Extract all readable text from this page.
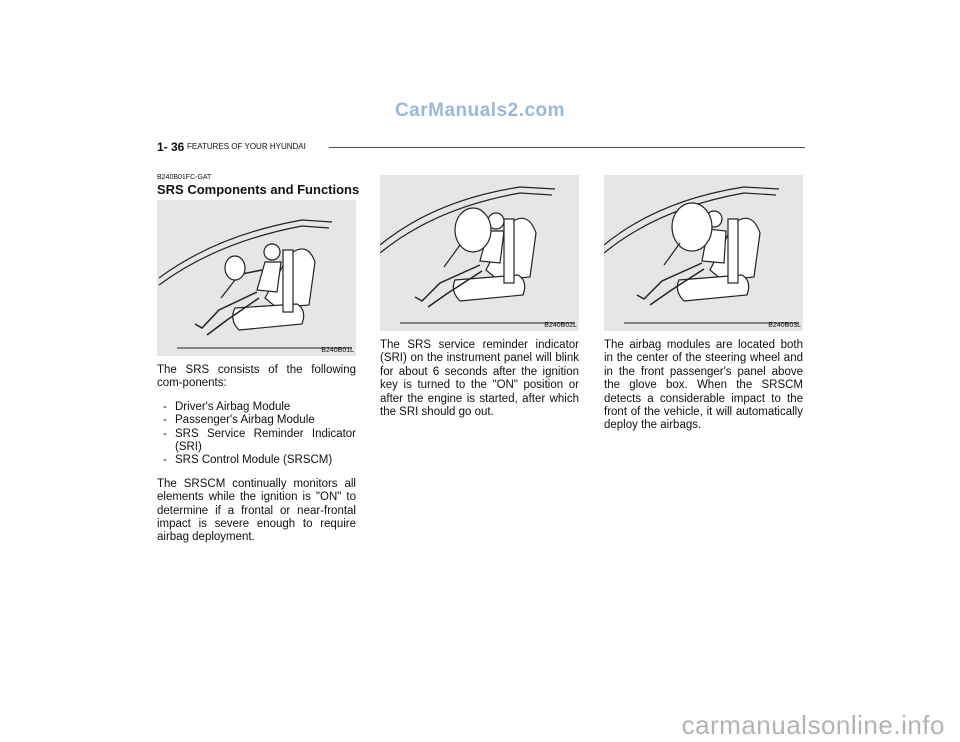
CarManuals2.com
1- 36 FEATURES OF YOUR HYUNDAI
B240B01FC-GAT
SRS Components and Functions
B240B01L

The SRS consists of the following com-ponents:

- Driver's Airbag Module
- Passenger's Airbag Module
- SRS Service Reminder Indicator (SRI)
- SRS Control Module (SRSCM)

The SRSCM continually monitors all elements while the ignition is "ON" to determine if a frontal or near-frontal impact is severe enough to require airbag deployment.

B240B02L

The SRS service reminder indicator (SRI) on the instrument panel will blink for about 6 seconds after the ignition key is turned to the "ON" position or after the engine is started, after which the SRI should go out.

B240B03L

The airbag modules are located both in the center of the steering wheel and in the front passenger's panel above the glove box. When the SRSCM detects a considerable impact to the front of the vehicle, it will automatically deploy the airbags.

carmanualsonline.info
